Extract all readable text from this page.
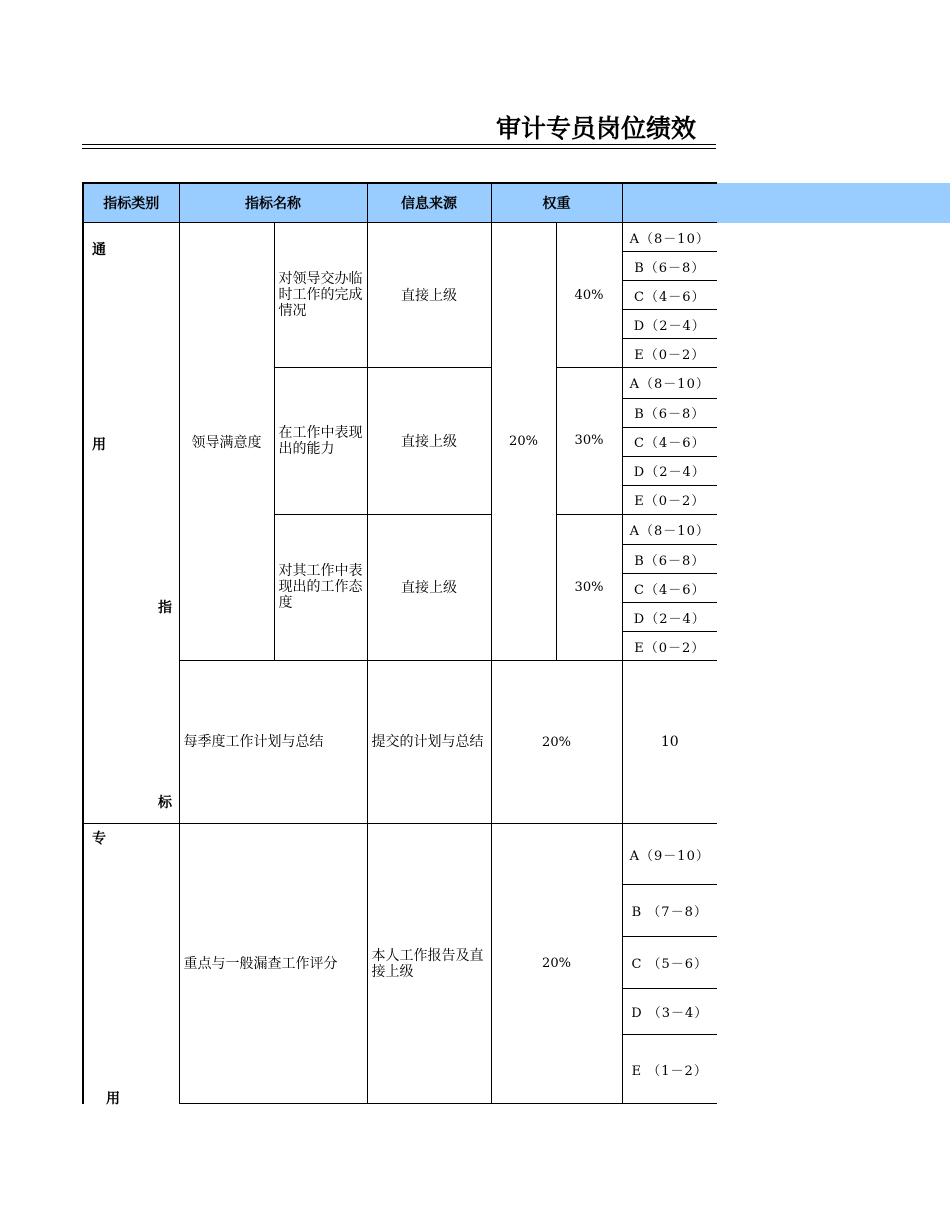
审计专员岗位绩效
指标类别	指标名称		信息来源	权重		

通
用
指
标	领导满意度	对领导交办临时工作的完成情况	直接上级	20%	40%	A（8－10）
						B（6－8）
						C（4－6）
						D（2－4）
						E（0－2）
		在工作中表现出的能力	直接上级		30%	A（8－10）
						B（6－8）
						C（4－6）
						D（2－4）
						E（0－2）
		对其工作中表现出的工作态度	直接上级		30%	A（8－10）
						B（6－8）
						C（4－6）
						D（2－4）
						E（0－2）
	每季度工作计划与总结		提交的计划与总结	20%		10

专
用	重点与一般漏查工作评分		本人工作报告及直接上级	20%		A（9－10）
						B （7－8）
						C （5－6）
						D （3－4）
						E （1－2）
